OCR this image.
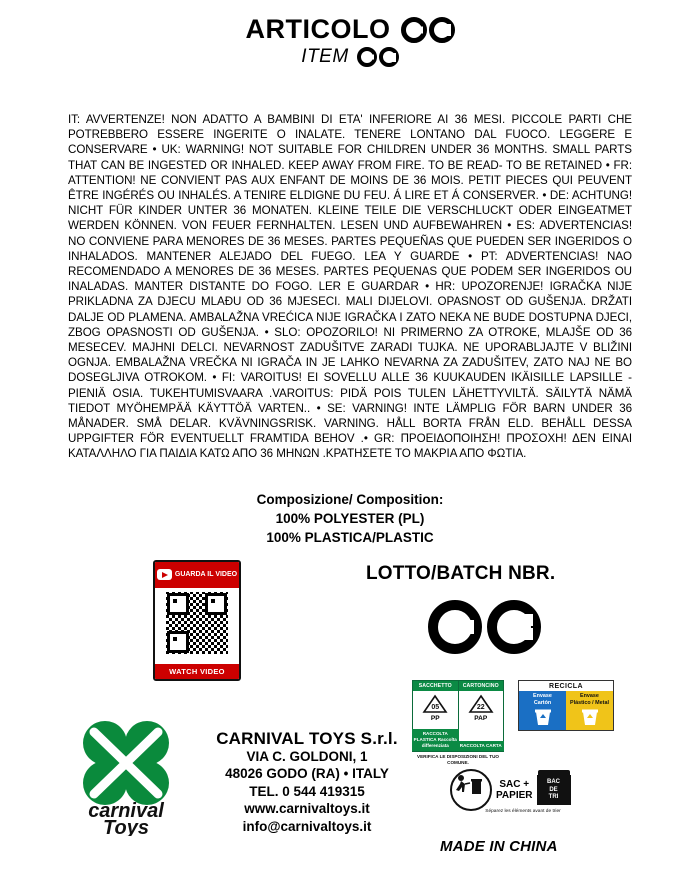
ARTICOLO
ITEM
IT: AVVERTENZE! NON ADATTO A BAMBINI DI ETA' INFERIORE AI 36 MESI. PICCOLE PARTI CHE POTREBBERO ESSERE INGERITE O INALATE. TENERE LONTANO DAL FUOCO. LEGGERE E CONSERVARE • UK: WARNING! NOT SUITABLE FOR CHILDREN UNDER 36 MONTHS. SMALL PARTS THAT CAN BE INGESTED OR INHALED. KEEP AWAY FROM FIRE. TO BE READ- TO BE RETAINED • FR: ATTENTION! NE CONVIENT PAS AUX ENFANT DE MOINS DE 36 MOIS. PETIT PIECES QUI PEUVENT ÊTRE INGÉRÉS OU INHALÉS. A TENIRE ELDIGNE DU FEU. Á LIRE ET Á CONSERVER. • DE: ACHTUNG! NICHT FÜR KINDER UNTER 36 MONATEN. KLEINE TEILE DIE VERSCHLUCKT ODER EINGEATMET WERDEN KÖNNEN. VON FEUER FERNHALTEN. LESEN UND AUFBEWAHREN • ES: ADVERTENCIAS! NO CONVIENE PARA MENORES DE 36 MESES. PARTES PEQUEÑAS QUE PUEDEN SER INGERIDOS O INHALADOS. MANTENER ALEJADO DEL FUEGO. LEA Y GUARDE • PT: ADVERTENCIAS! NAO RECOMENDADO A MENORES DE 36 MESES. PARTES PEQUENAS QUE PODEM SER INGERIDOS OU INALADAS. MANTER DISTANTE DO FOGO. LER E GUARDAR • HR: UPOZORENJE! IGRAČKA NIJE PRIKLADNA ZA DJECU MLAĐU OD 36 MJESECI. MALI DIJELOVI. OPASNOST OD GUŠENJA. DRŽATI DALJE OD PLAMENA. AMBALAŽNA VREĆICA NIJE IGRAČKA I ZATO NEKA NE BUDE DOSTUPNA DJECI, ZBOG OPASNOSTI OD GUŠENJA. • SLO: OPOZORILO! NI PRIMERNO ZA OTROKE, MLAJŠE OD 36 MESECEV. MAJHNI DELCI. NEVARNOST ZADUŠITVE ZARADI TUJKA. NE UPORABLJAJTE V BLIŽINI OGNJA. EMBALAŽNA VREČKA NI IGRAČA IN JE LAHKO NEVARNA ZA ZADUŠITEV, ZATO NAJ NE BO DOSEGLJIVA OTROKOM. • FI: VAROITUS! EI SOVELLU ALLE 36 KUUKAUDEN IKÄISILLE LAPSILLE - PIENIÄ OSIA. TUKEHTUMISVAARA .VAROITUS: PIDÄ POIS TULEN LÄHETTYVILTÄ. SÄILYTÄ NÄMÄ TIEDOT MYÖHEMPÄÄ KÄYTTÖÄ VARTEN.. • SE: VARNING! INTE LÄMPLIG FÖR BARN UNDER 36 MÅNADER. SMÅ DELAR. KVÄVNINGSRISK. VARNING. HÅLL BORTA FRÅN ELD. BEHÅLL DESSA UPPGIFTER FÖR EVENTUELLT FRAMTIDA BEHOV .• GR: ΠΡΟΕΙΔΟΠΟΙΗΣΗ! ΠΡΟΣΟΧΗ! ΔΕΝ ΕΙΝΑΙ ΚΑΤΑΛΛΗΛΟ ΓΙΑ ΠΑΙΔΙΑ ΚΑΤΩ ΑΠΟ 36 ΜΗΝΩΝ .ΚΡΑΤΗΣΕΤΕ ΤΟ ΜΑΚΡΙΑ ΑΠΟ ΦΩΤΙΑ.
Composizione/ Composition:
100% POLYESTER (PL)
100% PLASTICA/PLASTIC
GUARDA IL VIDEO
WATCH VIDEO
LOTTO/BATCH NBR.
carnival
Toys
CARNIVAL TOYS S.r.l.
VIA C. GOLDONI, 1
48026 GODO (RA) • ITALY
TEL. 0 544 419315
www.carnivaltoys.it
info@carnivaltoys.it
SACCHETTO
05
PP
RACCOLTA PLASTICA Raccolta differenziata
CARTONCINO
22
PAP
RACCOLTA CARTA
VERIFICA LE DISPOSIZIONI DEL TUO COMUNE.
RECICLA
Envase
Cartón
Envase
Plástico / Metal
SAC +
PAPIER
BAC
DE
TRI
Séparez les éléments avant de trier
MADE IN CHINA
